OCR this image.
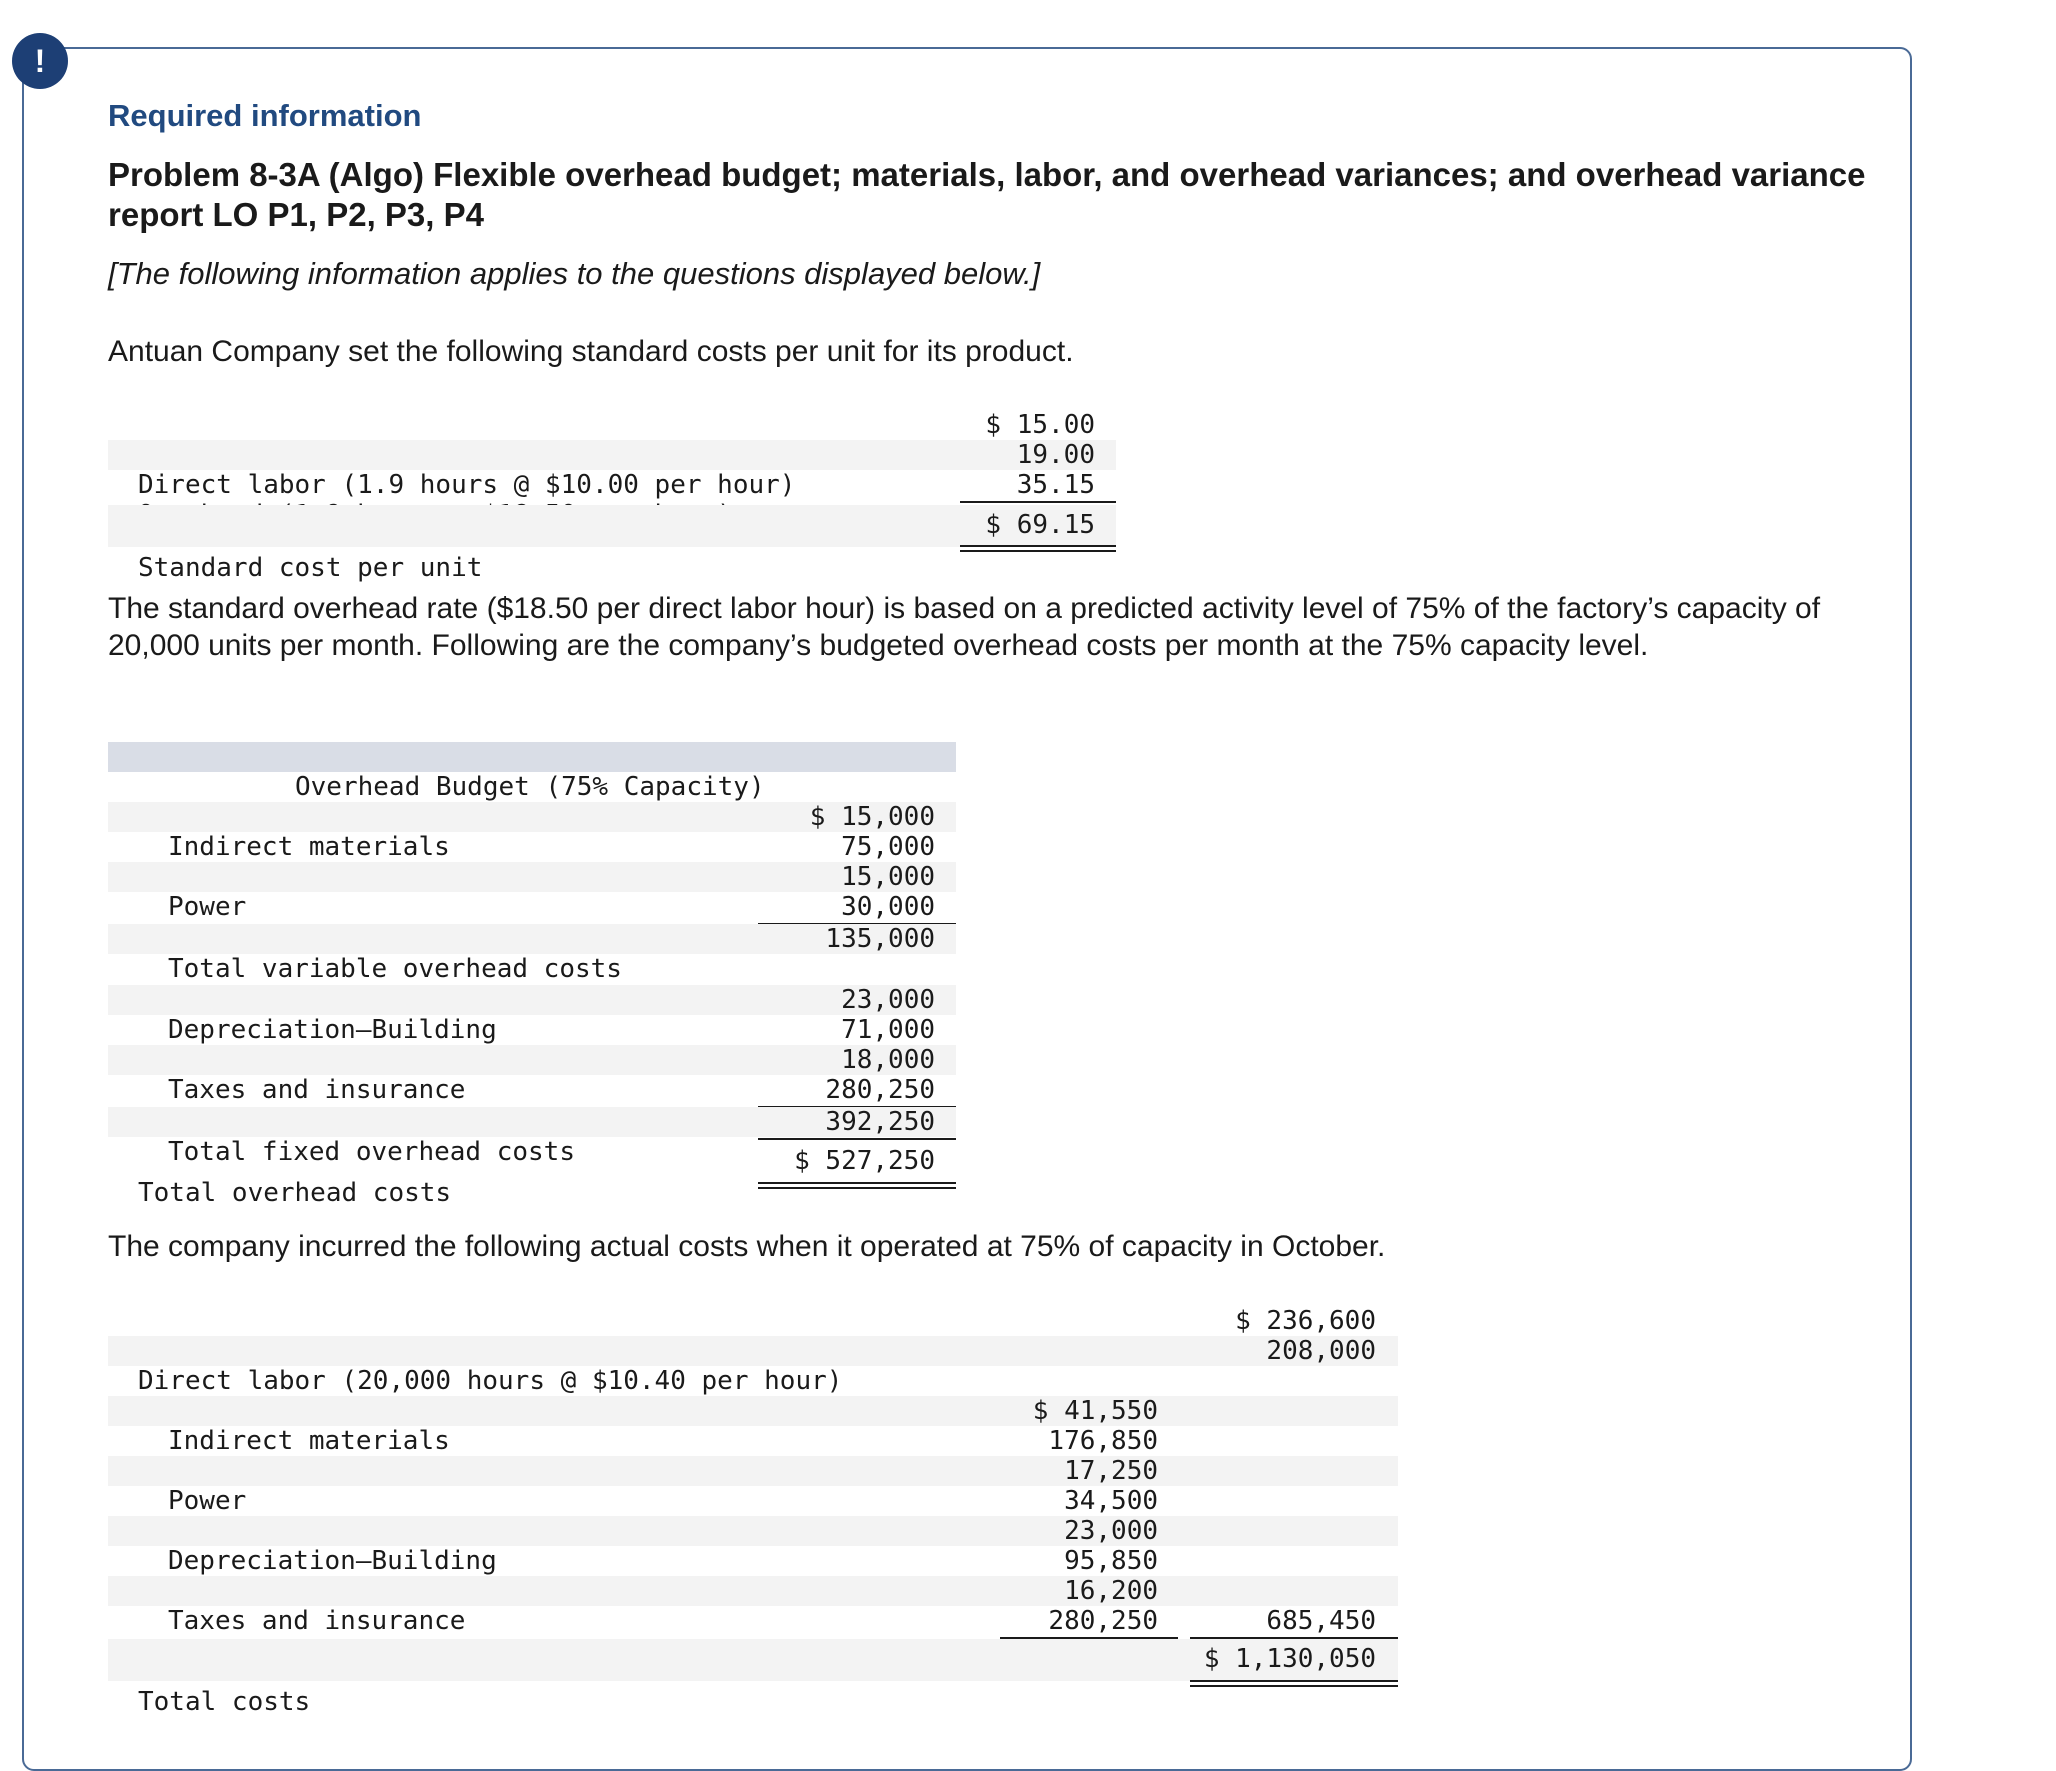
!
Required information
Problem 8-3A (Algo) Flexible overhead budget; materials, labor, and overhead variances; and overhead variance report LO P1, P2, P3, P4
[The following information applies to the questions displayed below.]
Antuan Company set the following standard costs per unit for its product.

$ 15.00

Direct labor (1.9 hours @ $10.00 per hour)

19.00

35.15

Standard cost per unit

$ 69.15
The standard overhead rate ($18.50 per direct labor hour) is based on a predicted activity level of 75% of the factory’s capacity of 20,000 units per month. Following are the company’s budgeted overhead costs per month at the 75% capacity level.

Overhead Budget (75% Capacity)

Indirect materials

$ 15,000

75,000

Power

15,000

30,000

Total variable overhead costs

135,000

Depreciation—Building

23,000

71,000

Taxes and insurance

18,000

280,250

Total fixed overhead costs

392,250

Total overhead costs

$ 527,250
The company incurred the following actual costs when it operated at 75% of capacity in October.

$ 236,600

Direct labor (20,000 hours @ $10.40 per hour)

208,000

Indirect materials

$ 41,550

176,850

Power

17,250

34,500

Depreciation—Building

23,000

95,850

Taxes and insurance

16,200

280,250	685,450

Total costs

$ 1,130,050
